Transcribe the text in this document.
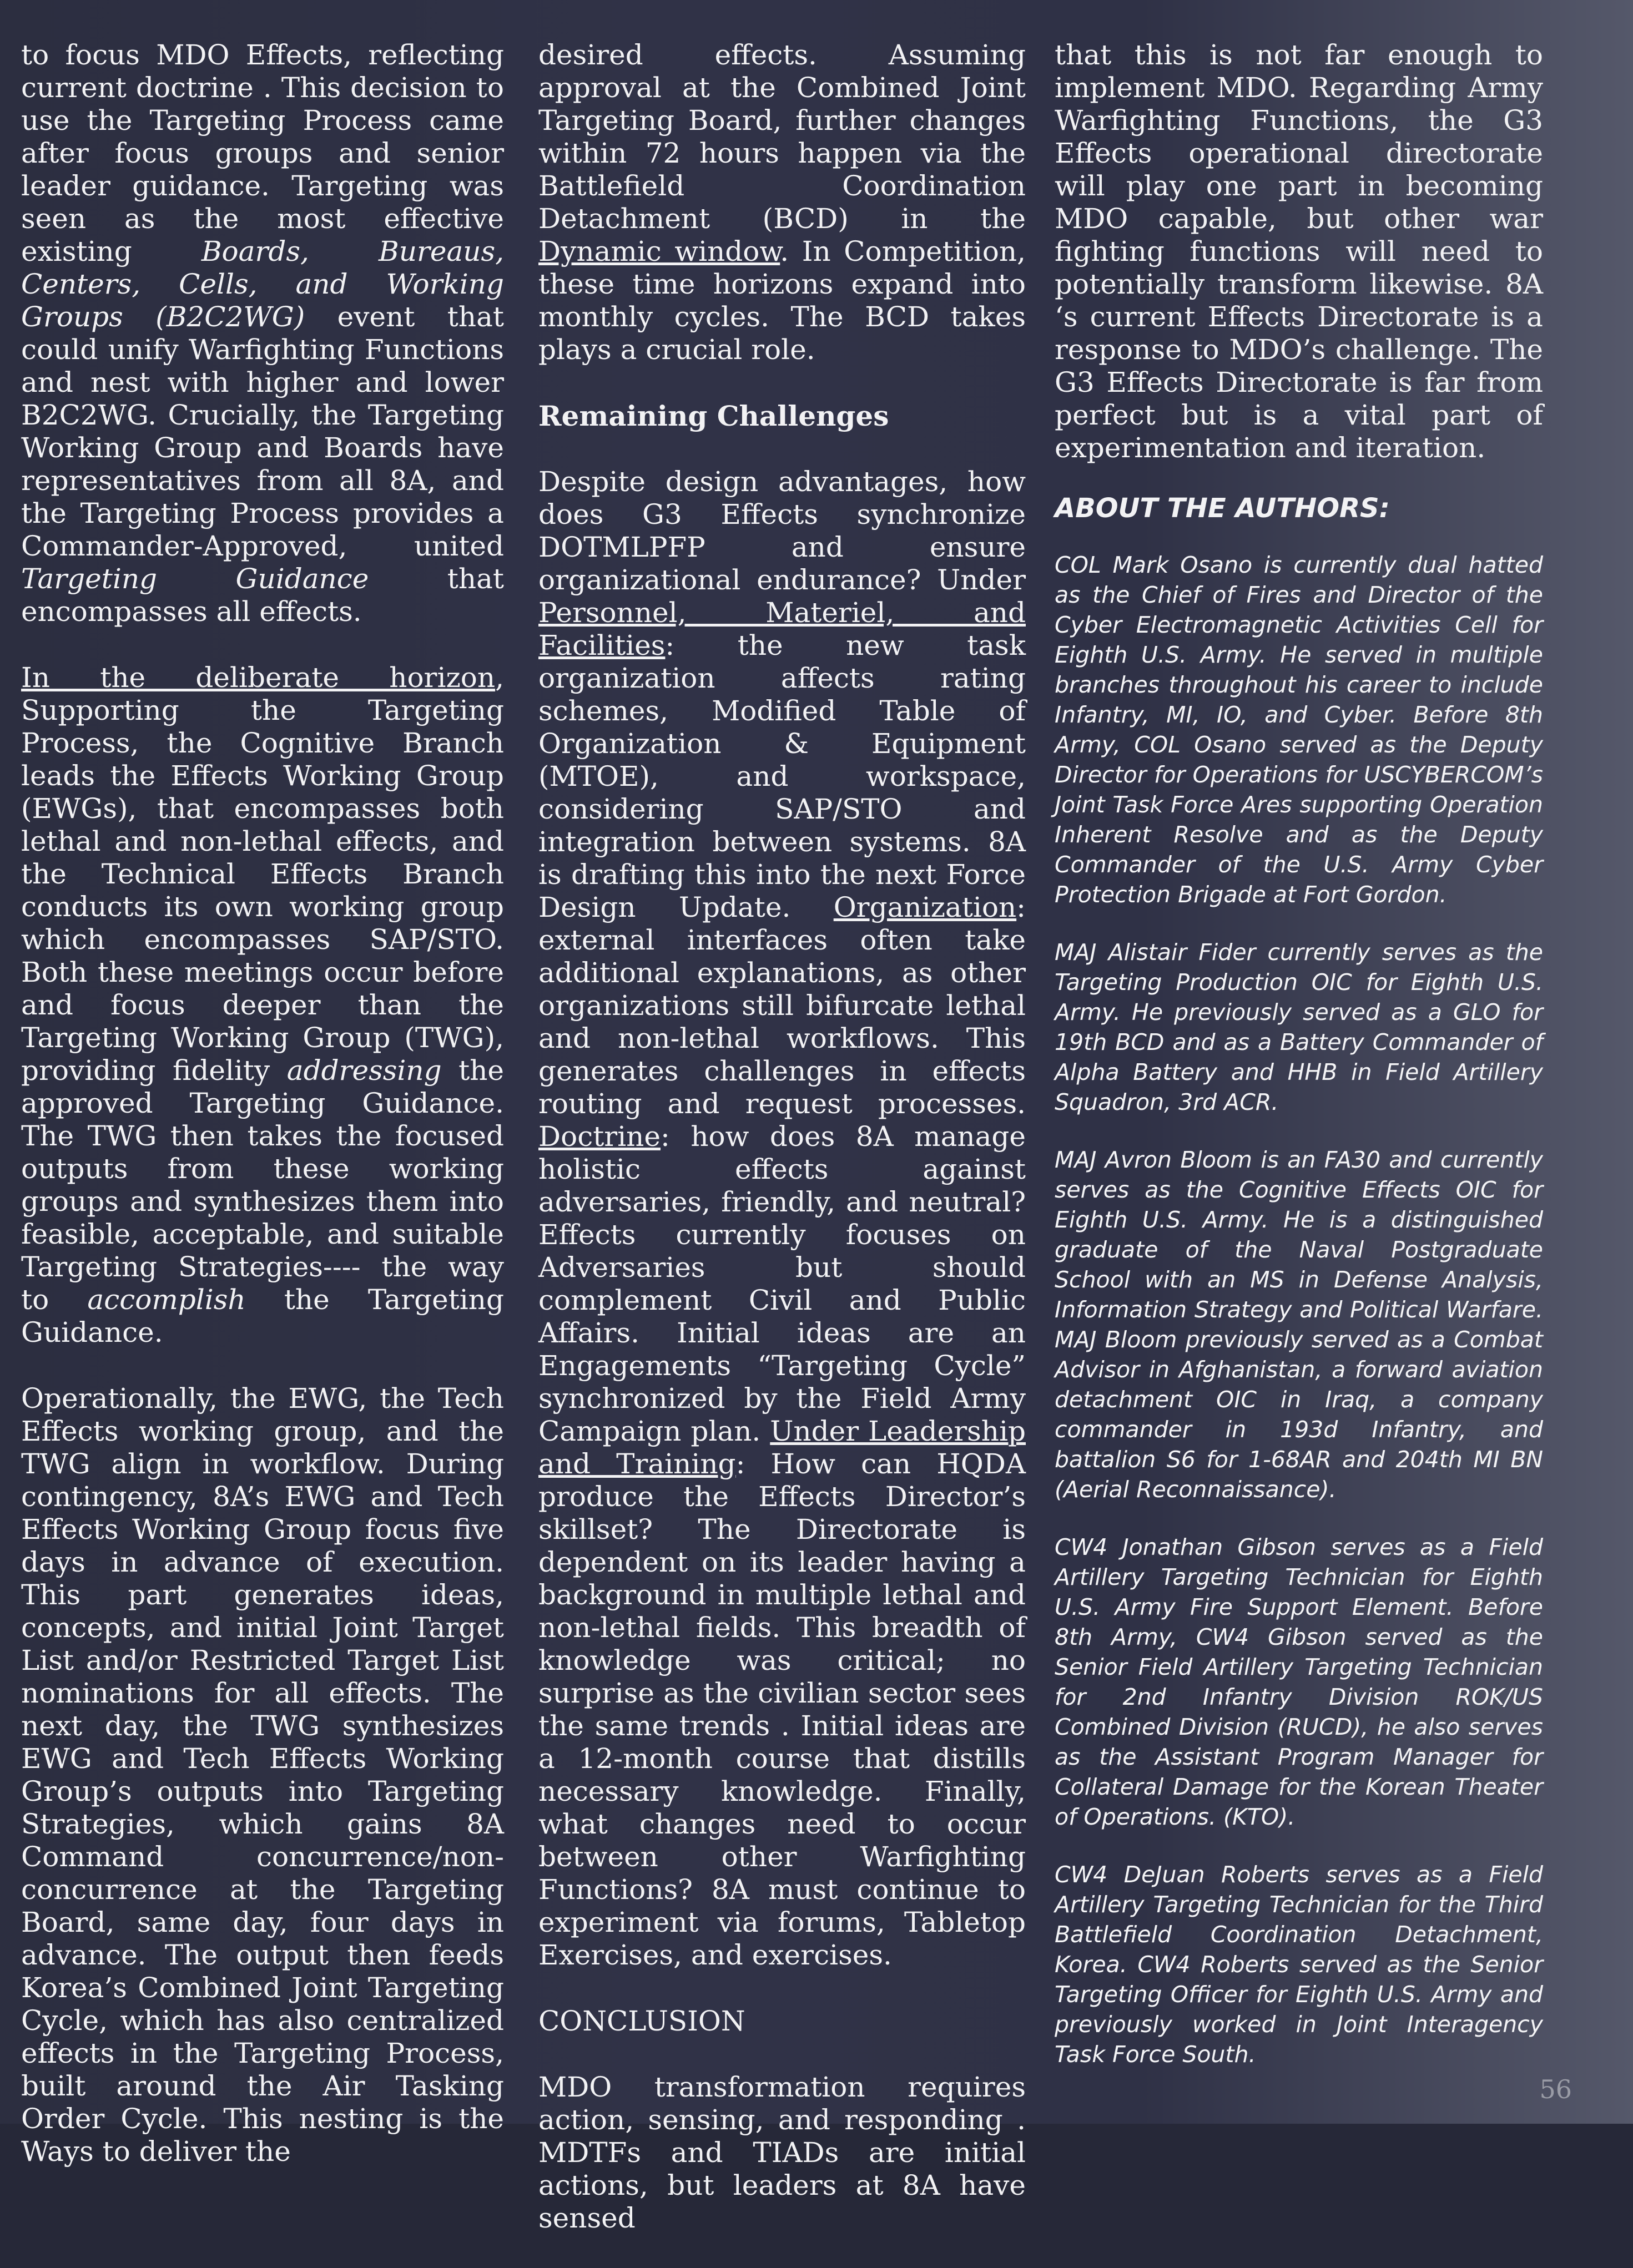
to focus MDO Effects, reflecting current doctrine . This decision to use the Targeting Process came after focus groups and senior leader guidance. Targeting was seen as the most effective existing Boards, Bureaus, Centers, Cells, and Working Groups (B2C2WG) event that could unify Warfighting Functions and nest with higher and lower B2C2WG. Crucially, the Targeting Working Group and Boards have representatives from all 8A, and the Targeting Process provides a Commander-Approved, united Targeting Guidance that encompasses all effects.

In the deliberate horizon, Supporting the Targeting Process, the Cognitive Branch leads the Effects Working Group (EWGs), that encompasses both lethal and non-lethal effects, and the Technical Effects Branch conducts its own working group which encompasses SAP/STO. Both these meetings occur before and focus deeper than the Targeting Working Group (TWG), providing fidelity addressing the approved Targeting Guidance. The TWG then takes the focused outputs from these working groups and synthesizes them into feasible, acceptable, and suitable Targeting Strategies---- the way to accomplish the Targeting Guidance.

Operationally, the EWG, the Tech Effects working group, and the TWG align in workflow. During contingency, 8A’s EWG and Tech Effects Working Group focus five days in advance of execution. This part generates ideas, concepts, and initial Joint Target List and/or Restricted Target List nominations for all effects. The next day, the TWG synthesizes EWG and Tech Effects Working Group’s outputs into Targeting Strategies, which gains 8A Command concurrence/non-concurrence at the Targeting Board, same day, four days in advance. The output then feeds Korea’s Combined Joint Targeting Cycle, which has also centralized effects in the Targeting Process, built around the Air Tasking Order Cycle. This nesting is the Ways to deliver the

desired effects. Assuming approval at the Combined Joint Targeting Board, further changes within 72 hours happen via the Battlefield Coordination Detachment (BCD) in the Dynamic window. In Competition, these time horizons expand into monthly cycles. The BCD takes plays a crucial role.

Remaining Challenges

Despite design advantages, how does G3 Effects synchronize DOTMLPFP and ensure organizational endurance? Under Personnel, Materiel, and Facilities: the new task organization affects rating schemes, Modified Table of Organization & Equipment (MTOE), and workspace, considering SAP/STO and integration between systems. 8A is drafting this into the next Force Design Update. Organization: external interfaces often take additional explanations, as other organizations still bifurcate lethal and non-lethal workflows. This generates challenges in effects routing and request processes. Doctrine: how does 8A manage holistic effects against adversaries, friendly, and neutral? Effects currently focuses on Adversaries but should complement Civil and Public Affairs. Initial ideas are an Engagements “Targeting Cycle” synchronized by the Field Army Campaign plan. Under Leadership and Training: How can HQDA produce the Effects Director’s skillset? The Directorate is dependent on its leader having a background in multiple lethal and non-lethal fields. This breadth of knowledge was critical; no surprise as the civilian sector sees the same trends . Initial ideas are a 12-month course that distills necessary knowledge. Finally, what changes need to occur between other Warfighting Functions? 8A must continue to experiment via forums, Tabletop Exercises, and exercises.

CONCLUSION

MDO transformation requires action, sensing, and responding . MDTFs and TIADs are initial actions, but leaders at 8A have sensed

that this is not far enough to implement MDO. Regarding Army Warfighting Functions, the G3 Effects operational directorate will play one part in becoming MDO capable, but other war fighting functions will need to potentially transform likewise. 8A ‘s current Effects Directorate is a response to MDO’s challenge. The G3 Effects Directorate is far from perfect but is a vital part of experimentation and iteration.

ABOUT THE AUTHORS:

COL Mark Osano is currently dual hatted as the Chief of Fires and Director of the Cyber Electromagnetic Activities Cell for Eighth U.S. Army. He served in multiple branches throughout his career to include Infantry, MI, IO, and Cyber. Before 8th Army, COL Osano served as the Deputy Director for Operations for USCYBERCOM’s Joint Task Force Ares supporting Operation Inherent Resolve and as the Deputy Commander of the U.S. Army Cyber Protection Brigade at Fort Gordon.

MAJ Alistair Fider currently serves as the Targeting Production OIC for Eighth U.S. Army. He previously served as a GLO for 19th BCD and as a Battery Commander of Alpha Battery and HHB in Field Artillery Squadron, 3rd ACR.

MAJ Avron Bloom is an FA30 and currently serves as the Cognitive Effects OIC for Eighth U.S. Army. He is a distinguished graduate of the Naval Postgraduate School with an MS in Defense Analysis, Information Strategy and Political Warfare. MAJ Bloom previously served as a Combat Advisor in Afghanistan, a forward aviation detachment OIC in Iraq, a company commander in 193d Infantry, and battalion S6 for 1-68AR and 204th MI BN (Aerial Reconnaissance).

CW4 Jonathan Gibson serves as a Field Artillery Targeting Technician for Eighth U.S. Army Fire Support Element. Before 8th Army, CW4 Gibson served as the Senior Field Artillery Targeting Technician for 2nd Infantry Division ROK/US Combined Division (RUCD), he also serves as the Assistant Program Manager for Collateral Damage for the Korean Theater of Operations. (KTO).

CW4 DeJuan Roberts serves as a Field Artillery Targeting Technician for the Third Battlefield Coordination Detachment, Korea. CW4 Roberts served as the Senior Targeting Officer for Eighth U.S. Army and previously worked in Joint Interagency Task Force South.

56
